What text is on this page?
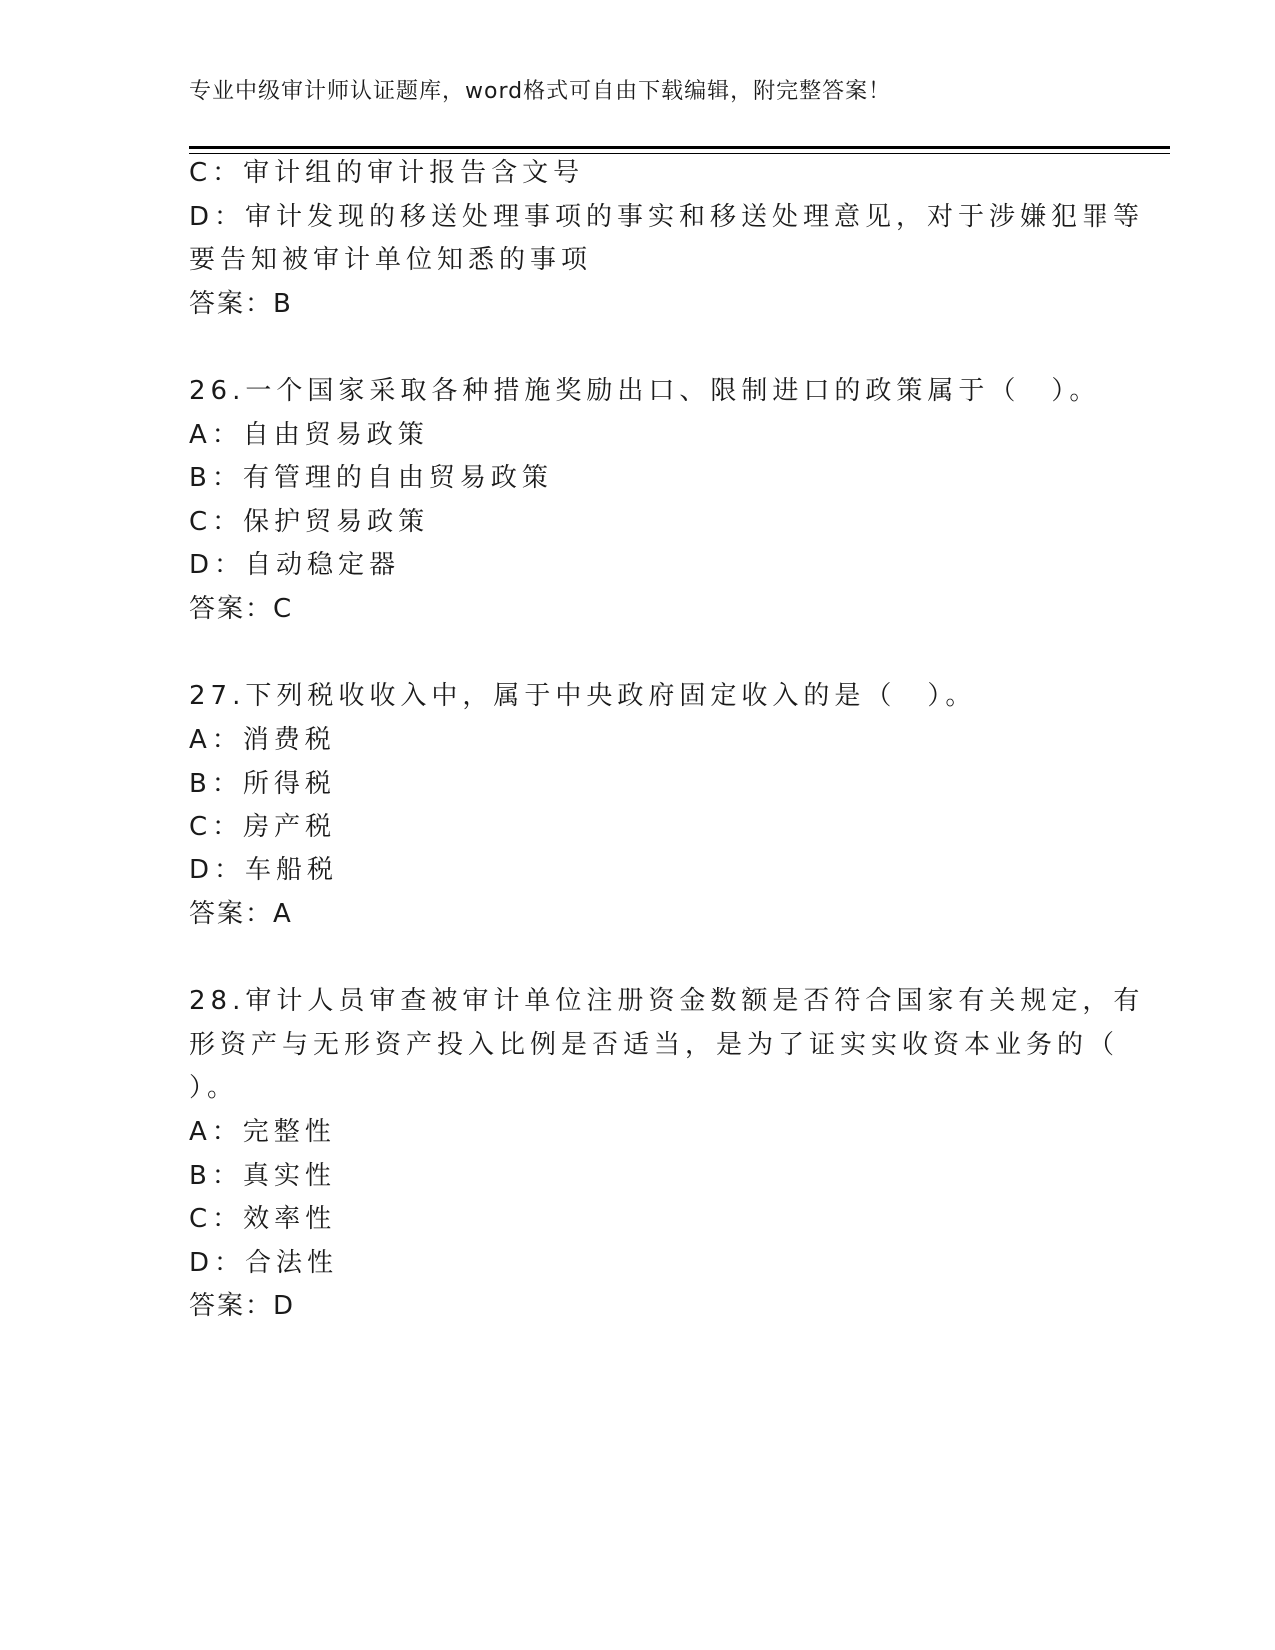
专业中级审计师认证题库，word格式可自由下载编辑，附完整答案！
C：审计组的审计报告含文号
D：审计发现的移送处理事项的事实和移送处理意见，对于涉嫌犯罪等
要告知被审计单位知悉的事项
答案：B
26.一个国家采取各种措施奖励出口、限制进口的政策属于（　）。
A：自由贸易政策
B：有管理的自由贸易政策
C：保护贸易政策
D：自动稳定器
答案：C
27.下列税收收入中，属于中央政府固定收入的是（　）。
A：消费税
B：所得税
C：房产税
D：车船税
答案：A
28.审计人员审查被审计单位注册资金数额是否符合国家有关规定，有
形资产与无形资产投入比例是否适当，是为了证实实收资本业务的（
）。
A：完整性
B：真实性
C：效率性
D：合法性
答案：D
